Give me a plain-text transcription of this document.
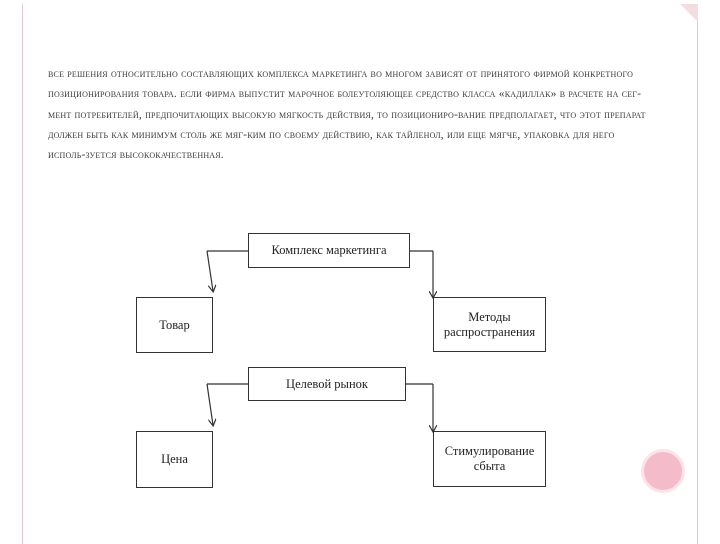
все решения относительно составляющих комплекса маркетинга во многом зависят от принятого фирмой конкретного позиционирования товара. если фирма выпустит марочное болеутоляющее средство класса «кадиллак» в расчете на сег-мент потребителей, предпочитающих высокую мягкость действия, то позициониро-вание предполагает, что этот препарат должен быть как минимум столь же мяг-ким по своему действию, как тайленол, или еще мягче, упаковка для него исполь-зуется высококачественная.
Комплекс маркетинга
Товар
Методы распространения
Целевой рынок
Цена
Стимулирование сбыта
